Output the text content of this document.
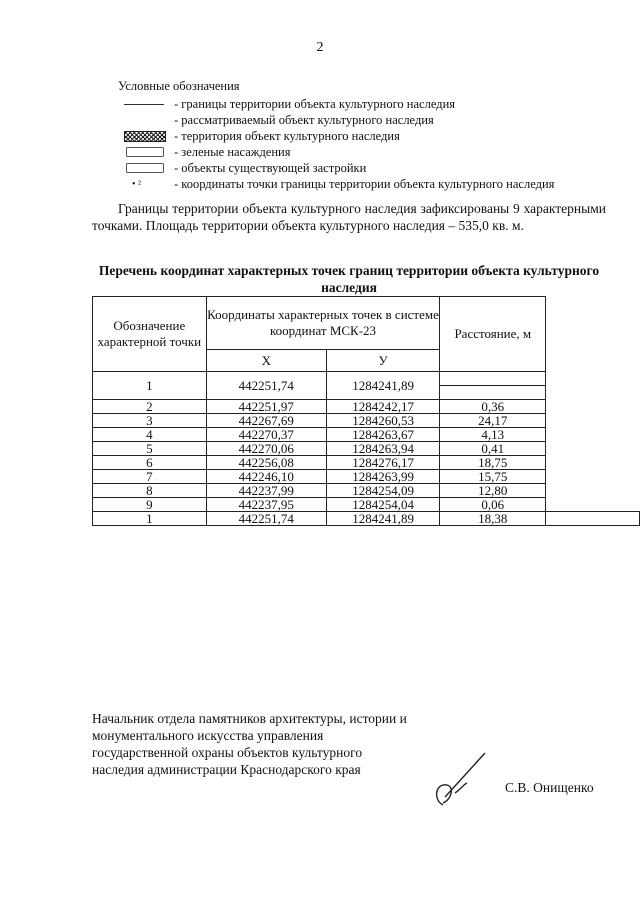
2
Условные обозначения
- границы территории объекта культурного наследия
- рассматриваемый объект культурного наследия
- территория объект культурного наследия
- зеленые насаждения
- объекты существующей застройки
• ²	- координаты точки границы территории объекта культурного наследия
Границы территории объекта культурного наследия зафиксированы 9 характерными точками. Площадь территории объекта культурного наследия – 535,0 кв. м.
Перечень координат характерных точек границ территории объекта культурного наследия
Обозначение характерной точки	Координаты характерных точек в системе координат МСК-23		Расстояние, м	
	Х	У		
1	442251,74	1284241,89		

2	442251,97	1284242,17	0,36	

3	442267,69	1284260,53	24,17	

4	442270,37	1284263,67	4,13	

5	442270,06	1284263,94	0,41	

6	442256,08	1284276,17	18,75	

7	442246,10	1284263,99	15,75	

8	442237,99	1284254,09	12,80	

9	442237,95	1284254,04	0,06	

1	442251,74	1284241,89	18,38	

Начальник отдела памятников архитектуры, истории и монументального искусства управления государственной охраны объектов культурного наследия администрации Краснодарского края
С.В. Онищенко
